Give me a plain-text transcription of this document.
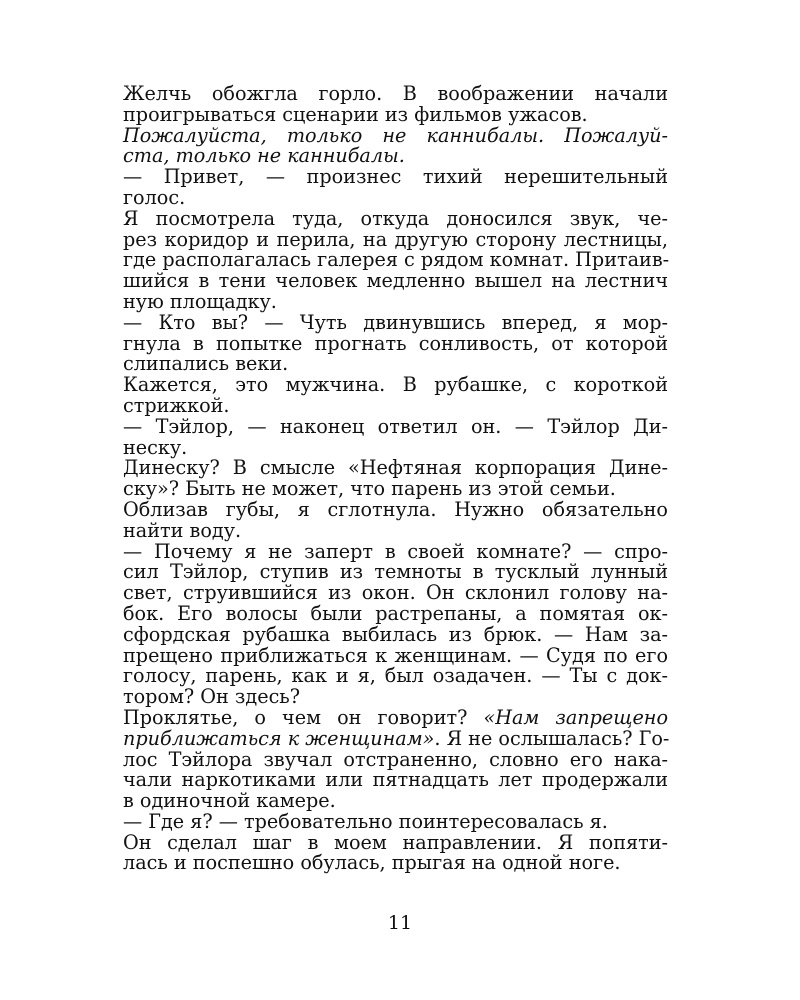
Желчь обожгла горло. В воображении начали
проигрываться сценарии из фильмов ужасов.
Пожалуйста, только не каннибалы. Пожалуй-
ста, только не каннибалы.
— Привет, — произнес тихий нерешительный
голос.
Я посмотрела туда, откуда доносился звук, че-
рез коридор и перила, на другую сторону лестницы,
где располагалась галерея с рядом комнат. Притаив-
шийся в тени человек медленно вышел на лестнич
ную площадку.
— Кто вы? — Чуть двинувшись вперед, я мор-
гнула в попытке прогнать сонливость, от которой
слипались веки.
Кажется, это мужчина. В рубашке, с короткой
стрижкой.
— Тэйлор, — наконец ответил он. — Тэйлор Ди-
неску.
Динеску? В смысле «Нефтяная корпорация Дине-
ску»? Быть не может, что парень из этой семьи.
Облизав губы, я сглотнула. Нужно обязательно
найти воду.
— Почему я не заперт в своей комнате? — спро-
сил Тэйлор, ступив из темноты в тусклый лунный
свет, струившийся из окон. Он склонил голову на-
бок. Его волосы были растрепаны, а помятая ок-
сфордская рубашка выбилась из брюк. — Нам за-
прещено приближаться к женщинам. — Судя по его
голосу, парень, как и я, был озадачен. — Ты с док-
тором? Он здесь?
Проклятье, о чем он говорит? «Нам запрещено
приближаться к женщинам». Я не ослышалась? Го-
лос Тэйлора звучал отстраненно, словно его нака-
чали наркотиками или пятнадцать лет продержали
в одиночной камере.
— Где я? — требовательно поинтересовалась я.
Он сделал шаг в моем направлении. Я попяти-
лась и поспешно обулась, прыгая на одной ноге.
11
